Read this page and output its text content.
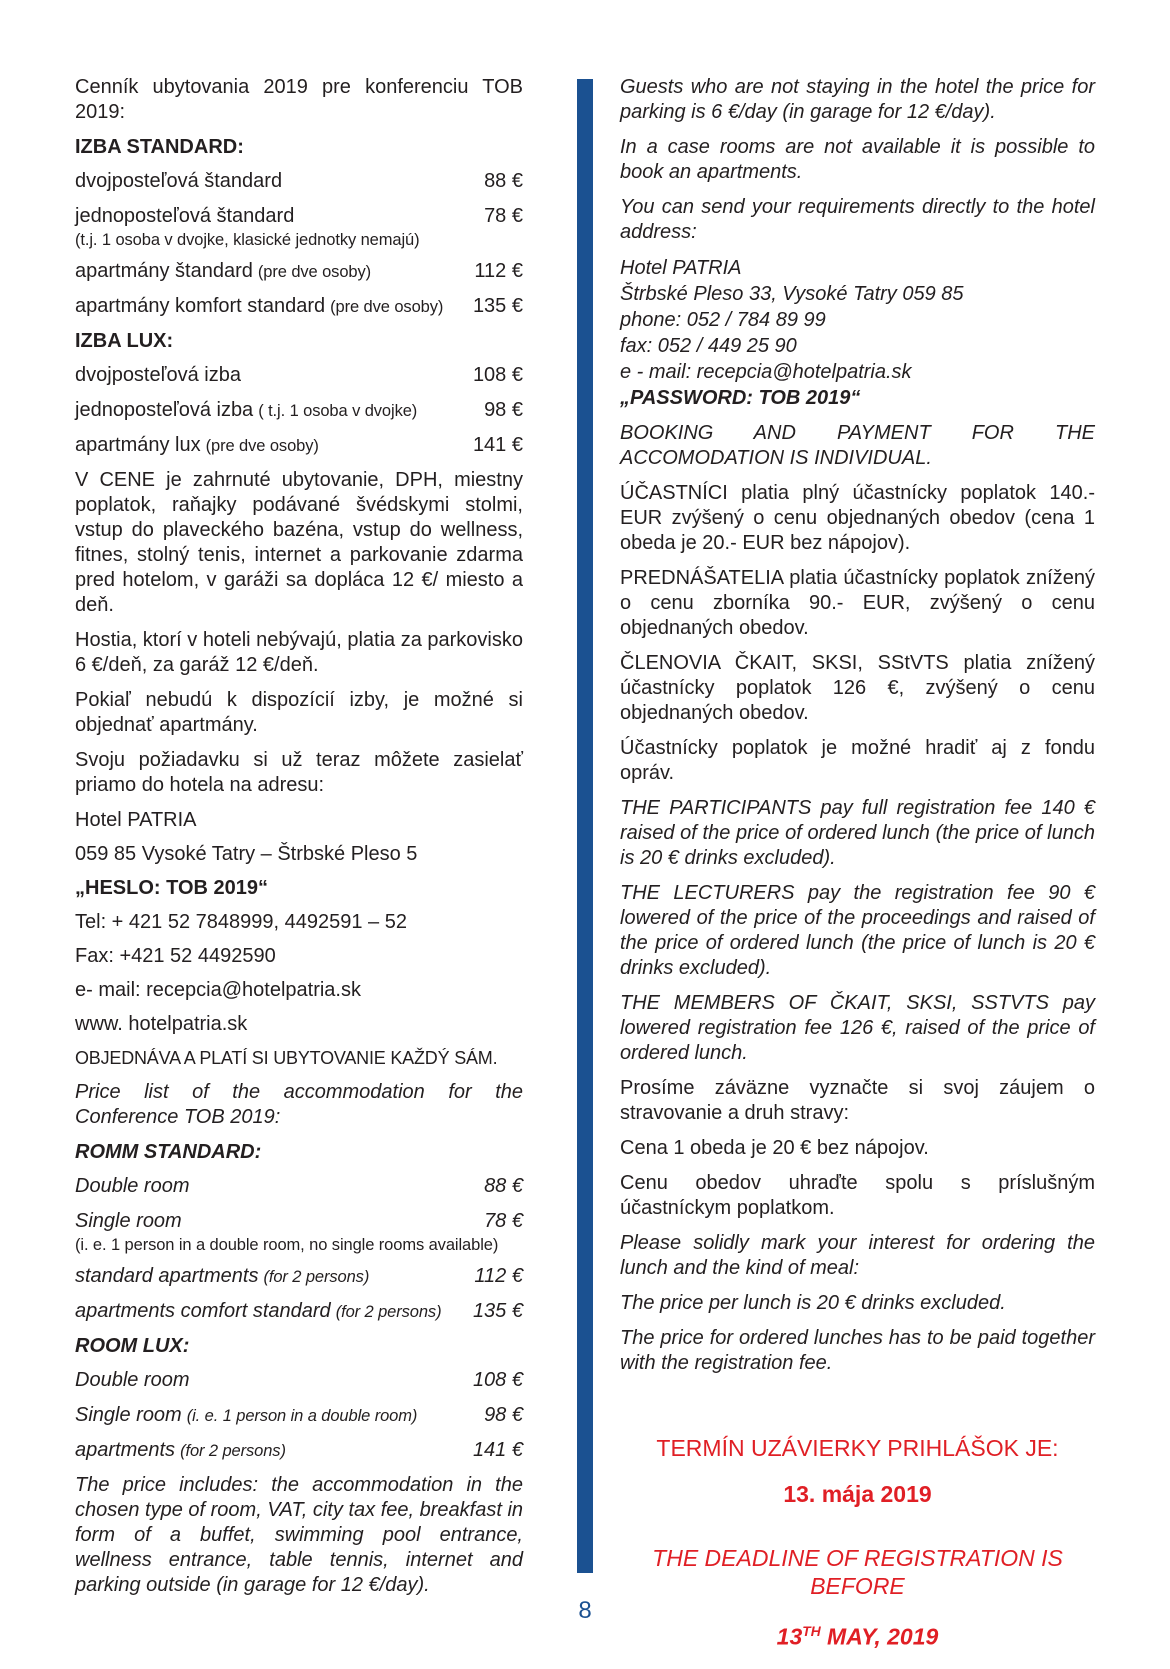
Cenník ubytovania 2019 pre konferenciu TOB 2019:

IZBA STANDARD:

dvojposteľová štandard	88 €
jednoposteľová štandard	78 €
(t.j. 1 osoba v dvojke, klasické jednotky nemajú)
apartmány štandard (pre dve osoby)	112 €
apartmány komfort standard (pre dve osoby) 135 €

IZBA LUX:

dvojposteľová izba	108 €
jednoposteľová izba ( t.j. 1 osoba v dvojke)	98 €
apartmány lux (pre dve osoby)	141 €

V CENE je zahrnuté ubytovanie, DPH, miestny poplatok, raňajky podávané švédskymi stolmi, vstup do plaveckého bazéna, vstup do wellness, fitnes, stolný tenis, internet a parkovanie zdarma pred hotelom, v garáži sa dopláca 12 €/ miesto a deň.

Hostia, ktorí v hoteli nebývajú, platia za parkovisko 6 €/deň, za garáž 12 €/deň.

Pokiaľ nebudú k dispozícií izby, je možné si objednať apartmány.

Svoju požiadavku si už teraz môžete zasielať priamo do hotela na adresu:

Hotel PATRIA

059 85 Vysoké Tatry – Štrbské Pleso 5

„HESLO: TOB 2019“

Tel: + 421 52 7848999, 4492591 – 52

Fax: +421 52 4492590

e- mail: recepcia@hotelpatria.sk

www. hotelpatria.sk

OBJEDNÁVA A PLATÍ SI UBYTOVANIE KAŽDÝ SÁM.

Price list of the accommodation for the Conference TOB 2019:

ROMM STANDARD:

Double room	88 €
Single room	78 €
(i. e. 1 person in a double room, no single rooms available)
standard apartments (for 2 persons)	112 €
apartments comfort standard (for 2 persons) 135 €

ROOM LUX:

Double room	108 €
Single room (i. e. 1 person in a double room)	98 €
apartments (for 2 persons)	141 €

The price includes: the accommodation in the chosen type of room, VAT, city tax fee, breakfast in form of a buffet, swimming pool entrance, wellness entrance, table tennis, internet and parking outside (in garage for 12 €/day).

Guests who are not staying in the hotel the price for parking is 6 €/day (in garage for 12 €/day).

In a case rooms are not available it is possible to book an apartments.

You can send your requirements directly to the hotel address:

Hotel PATRIA

Štrbské Pleso 33, Vysoké Tatry 059 85

phone: 052 / 784 89 99

fax: 052 / 449 25 90

e - mail: recepcia@hotelpatria.sk

„PASSWORD: TOB 2019“

BOOKING AND PAYMENT FOR THE ACCOMODATION IS INDIVIDUAL.

ÚČASTNÍCI platia plný účastnícky poplatok 140.- EUR zvýšený o cenu objednaných obedov (cena 1 obeda je 20.- EUR bez nápojov).

PREDNÁŠATELIA platia účastnícky poplatok znížený o cenu zborníka 90.- EUR, zvýšený o cenu objednaných obedov.

ČLENOVIA ČKAIT, SKSI, SStVTS platia znížený účastnícky poplatok 126 €, zvýšený o cenu objednaných obedov.

Účastnícky poplatok je možné hradiť aj z fondu opráv.

THE PARTICIPANTS pay full registration fee 140 € raised of the price of ordered lunch (the price of lunch is 20 € drinks excluded).

THE LECTURERS pay the registration fee 90 € lowered of the price of the proceedings and raised of the price of ordered lunch (the price of lunch is 20 € drinks excluded).

THE MEMBERS OF ČKAIT, SKSI, SSTVTS pay lowered registration fee 126 €, raised of the price of ordered lunch.

Prosíme záväzne vyznačte si svoj záujem o stravovanie a druh stravy:

Cena 1 obeda je 20 € bez nápojov.

Cenu obedov uhraďte spolu s príslušným účastníckym poplatkom.

Please solidly mark your interest for ordering the lunch and the kind of meal:

The price per lunch is 20 € drinks excluded.

The price for ordered lunches has to be paid together with the registration fee.

TERMÍN UZÁVIERKY PRIHLÁŠOK JE:

13. mája 2019

THE DEADLINE OF REGISTRATION IS BEFORE

13TH MAY, 2019

8
